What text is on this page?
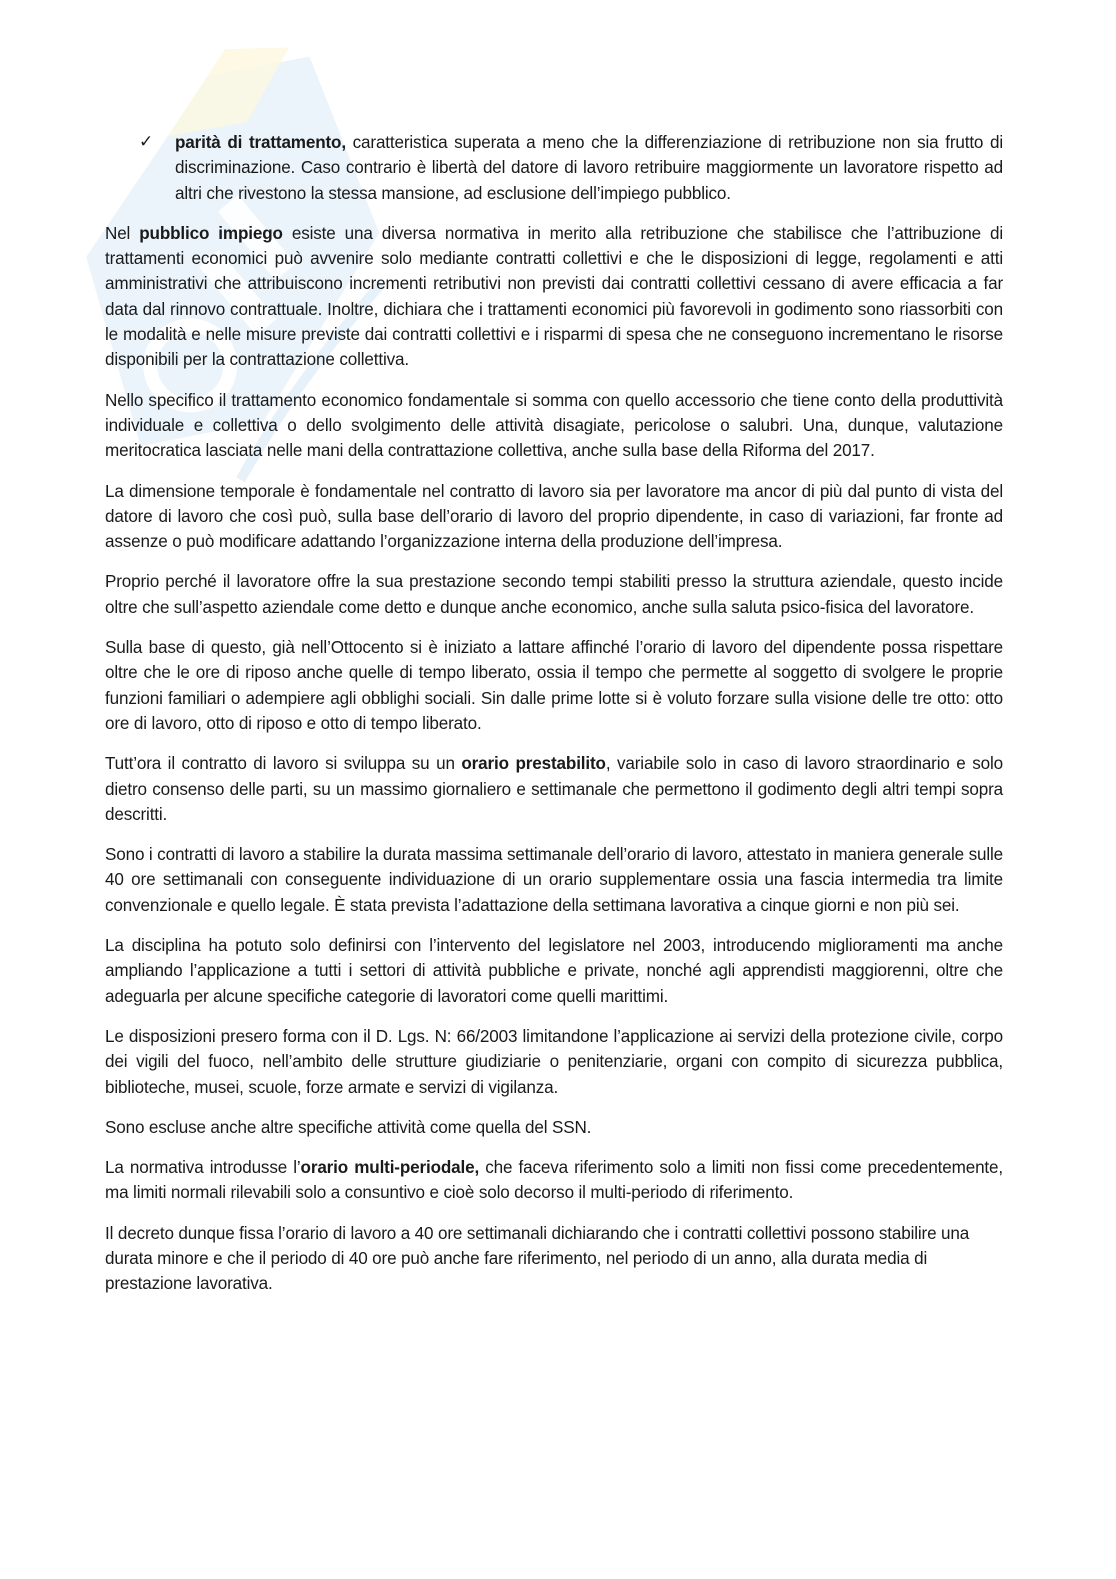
✓	parità di trattamento, caratteristica superata a meno che la differenziazione di retribuzione non sia frutto di discriminazione. Caso contrario è libertà del datore di lavoro retribuire maggiormente un lavoratore rispetto ad altri che rivestono la stessa mansione, ad esclusione dell’impiego pubblico.

Nel pubblico impiego esiste una diversa normativa in merito alla retribuzione che stabilisce che l’attribuzione di trattamenti economici può avvenire solo mediante contratti collettivi e che le disposizioni di legge, regolamenti e atti amministrativi che attribuiscono incrementi retributivi non previsti dai contratti collettivi cessano di avere efficacia a far data dal rinnovo contrattuale. Inoltre, dichiara che i trattamenti economici più favorevoli in godimento sono riassorbiti con le modalità e nelle misure previste dai contratti collettivi e i risparmi di spesa che ne conseguono incrementano le risorse disponibili per la contrattazione collettiva.

Nello specifico il trattamento economico fondamentale si somma con quello accessorio che tiene conto della produttività individuale e collettiva o dello svolgimento delle attività disagiate, pericolose o salubri. Una, dunque, valutazione meritocratica lasciata nelle mani della contrattazione collettiva, anche sulla base della Riforma del 2017.

La dimensione temporale è fondamentale nel contratto di lavoro sia per lavoratore ma ancor di più dal punto di vista del datore di lavoro che così può, sulla base dell’orario di lavoro del proprio dipendente, in caso di variazioni, far fronte ad assenze o può modificare adattando l’organizzazione interna della produzione dell’impresa.

Proprio perché il lavoratore offre la sua prestazione secondo tempi stabiliti presso la struttura aziendale, questo incide oltre che sull’aspetto aziendale come detto e dunque anche economico, anche sulla saluta psico-fisica del lavoratore.

Sulla base di questo, già nell’Ottocento si è iniziato a lattare affinché l’orario di lavoro del dipendente possa rispettare oltre che le ore di riposo anche quelle di tempo liberato, ossia il tempo che permette al soggetto di svolgere le proprie funzioni familiari o adempiere agli obblighi sociali. Sin dalle prime lotte si è voluto forzare sulla visione delle tre otto: otto ore di lavoro, otto di riposo e otto di tempo liberato.

Tutt’ora il contratto di lavoro si sviluppa su un orario prestabilito, variabile solo in caso di lavoro straordinario e solo dietro consenso delle parti, su un massimo giornaliero e settimanale che permettono il godimento degli altri tempi sopra descritti.

Sono i contratti di lavoro a stabilire la durata massima settimanale dell’orario di lavoro, attestato in maniera generale sulle 40 ore settimanali con conseguente individuazione di un orario supplementare ossia una fascia intermedia tra limite convenzionale e quello legale. È stata prevista l’adattazione della settimana lavorativa a cinque giorni e non più sei.

La disciplina ha potuto solo definirsi con l’intervento del legislatore nel 2003, introducendo miglioramenti ma anche ampliando l’applicazione a tutti i settori di attività pubbliche e private, nonché agli apprendisti maggiorenni, oltre che adeguarla per alcune specifiche categorie di lavoratori come quelli marittimi.

Le disposizioni presero forma con il D. Lgs. N: 66/2003 limitandone l’applicazione ai servizi della protezione civile, corpo dei vigili del fuoco, nell’ambito delle strutture giudiziarie o penitenziarie, organi con compito di sicurezza pubblica, biblioteche, musei, scuole, forze armate e servizi di vigilanza.

Sono escluse anche altre specifiche attività come quella del SSN.

La normativa introdusse l’orario multi-periodale, che faceva riferimento solo a limiti non fissi come precedentemente, ma limiti normali rilevabili solo a consuntivo e cioè solo decorso il multi-periodo di riferimento.

Il decreto dunque fissa l’orario di lavoro a 40 ore settimanali dichiarando che i contratti collettivi possono stabilire una durata minore e che il periodo di 40 ore può anche fare riferimento, nel periodo di un anno, alla durata media di prestazione lavorativa.
